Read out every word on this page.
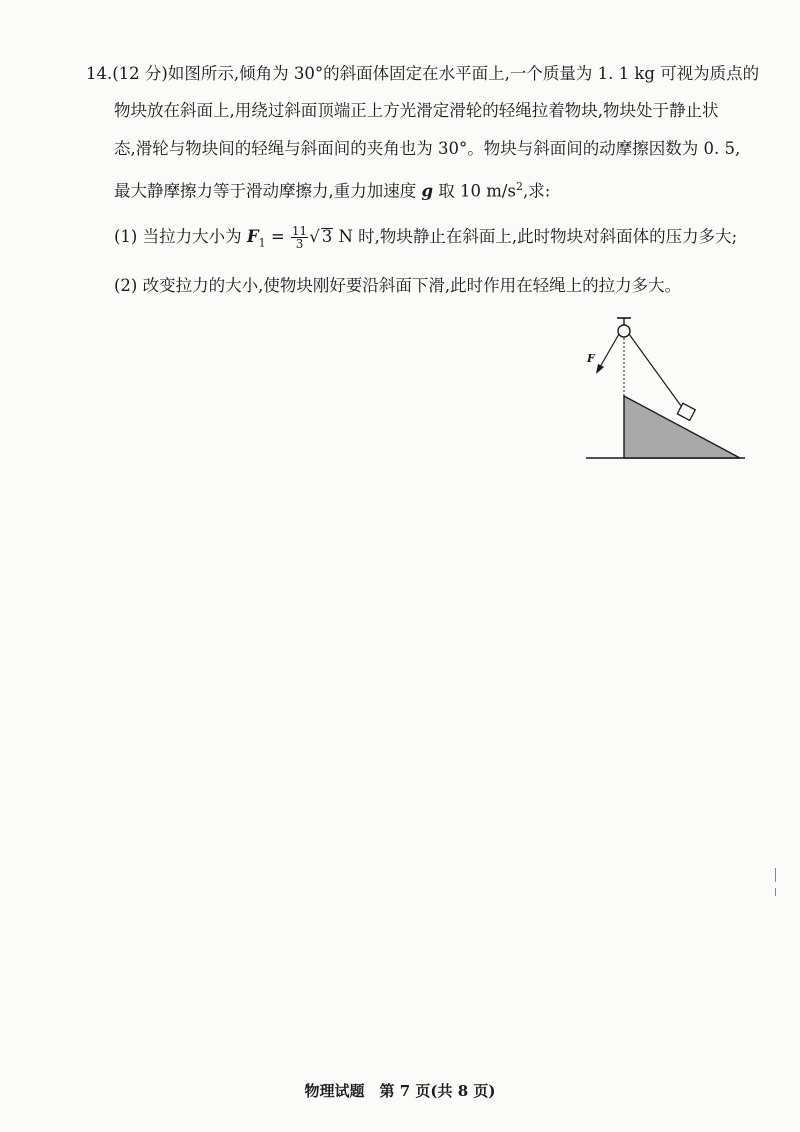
14.(12 分)如图所示,倾角为 30°的斜面体固定在水平面上,一个质量为 1. 1 kg 可视为质点的
物块放在斜面上,用绕过斜面顶端正上方光滑定滑轮的轻绳拉着物块,物块处于静止状
态,滑轮与物块间的轻绳与斜面间的夹角也为 30°。物块与斜面间的动摩擦因数为 0. 5,
最大静摩擦力等于滑动摩擦力,重力加速度 g 取 10 $m/s^2$,求:
(1) 当拉力大小为 $F_1 = \frac{11}{3}$ √ 3 N 时,物块静止在斜面上,此时物块对斜面体的压力多大;
(2) 改变拉力的大小,使物块刚好要沿斜面下滑,此时作用在轻绳上的拉力多大。
F
物理试题　第 7 页(共 8 页)
